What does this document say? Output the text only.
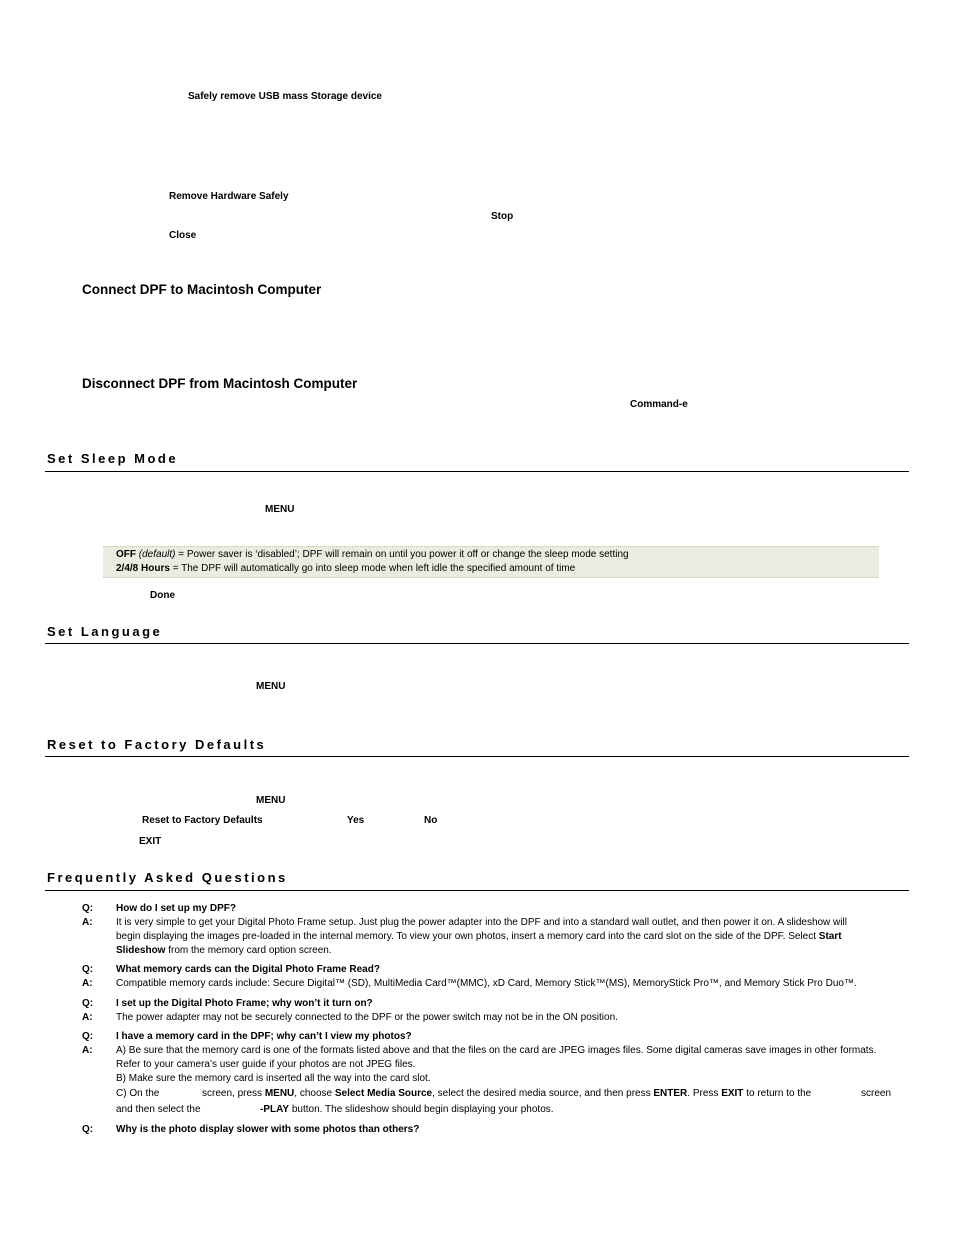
Safely remove USB mass Storage device
Remove Hardware Safely
Stop
Close
Connect DPF to Macintosh Computer
Disconnect DPF from Macintosh Computer
Command-e
Set Sleep Mode
MENU
OFF (default) = Power saver is ‘disabled’; DPF will remain on until you power it off or change the sleep mode setting
2/4/8 Hours = The DPF will automatically go into sleep mode when left idle the specified amount of time
Done
Set Language
MENU
Reset to Factory Defaults
MENU
Reset to Factory Defaults	Yes	No
EXIT
Frequently Asked Questions
Q: How do I set up my DPF?
A: It is very simple to get your Digital Photo Frame setup. Just plug the power adapter into the DPF and into a standard wall outlet, and then power it on. A slideshow will
begin displaying the images pre-loaded in the internal memory. To view your own photos, insert a memory card into the card slot on the side of the DPF. Select Start
Slideshow from the memory card option screen.
Q: What memory cards can the Digital Photo Frame Read?
A: Compatible memory cards include: Secure Digital™ (SD), MultiMedia Card™(MMC), xD Card, Memory Stick™(MS), MemoryStick Pro™, and Memory Stick Pro Duo™.
Q: I set up the Digital Photo Frame; why won’t it turn on?
A: The power adapter may not be securely connected to the DPF or the power switch may not be in the ON position.
Q: I have a memory card in the DPF; why can’t I view my photos?
A: A) Be sure that the memory card is one of the formats listed above and that the files on the card are JPEG images files. Some digital cameras save images in other formats.
Refer to your camera’s user guide if your photos are not JPEG files.
B) Make sure the memory card is inserted all the way into the card slot.
C) On the	screen, press MENU, choose Select Media Source, select the desired media source, and then press ENTER. Press EXIT to return to the	screen
and then select the	-PLAY button. The slideshow should begin displaying your photos.
Q: Why is the photo display slower with some photos than others?
